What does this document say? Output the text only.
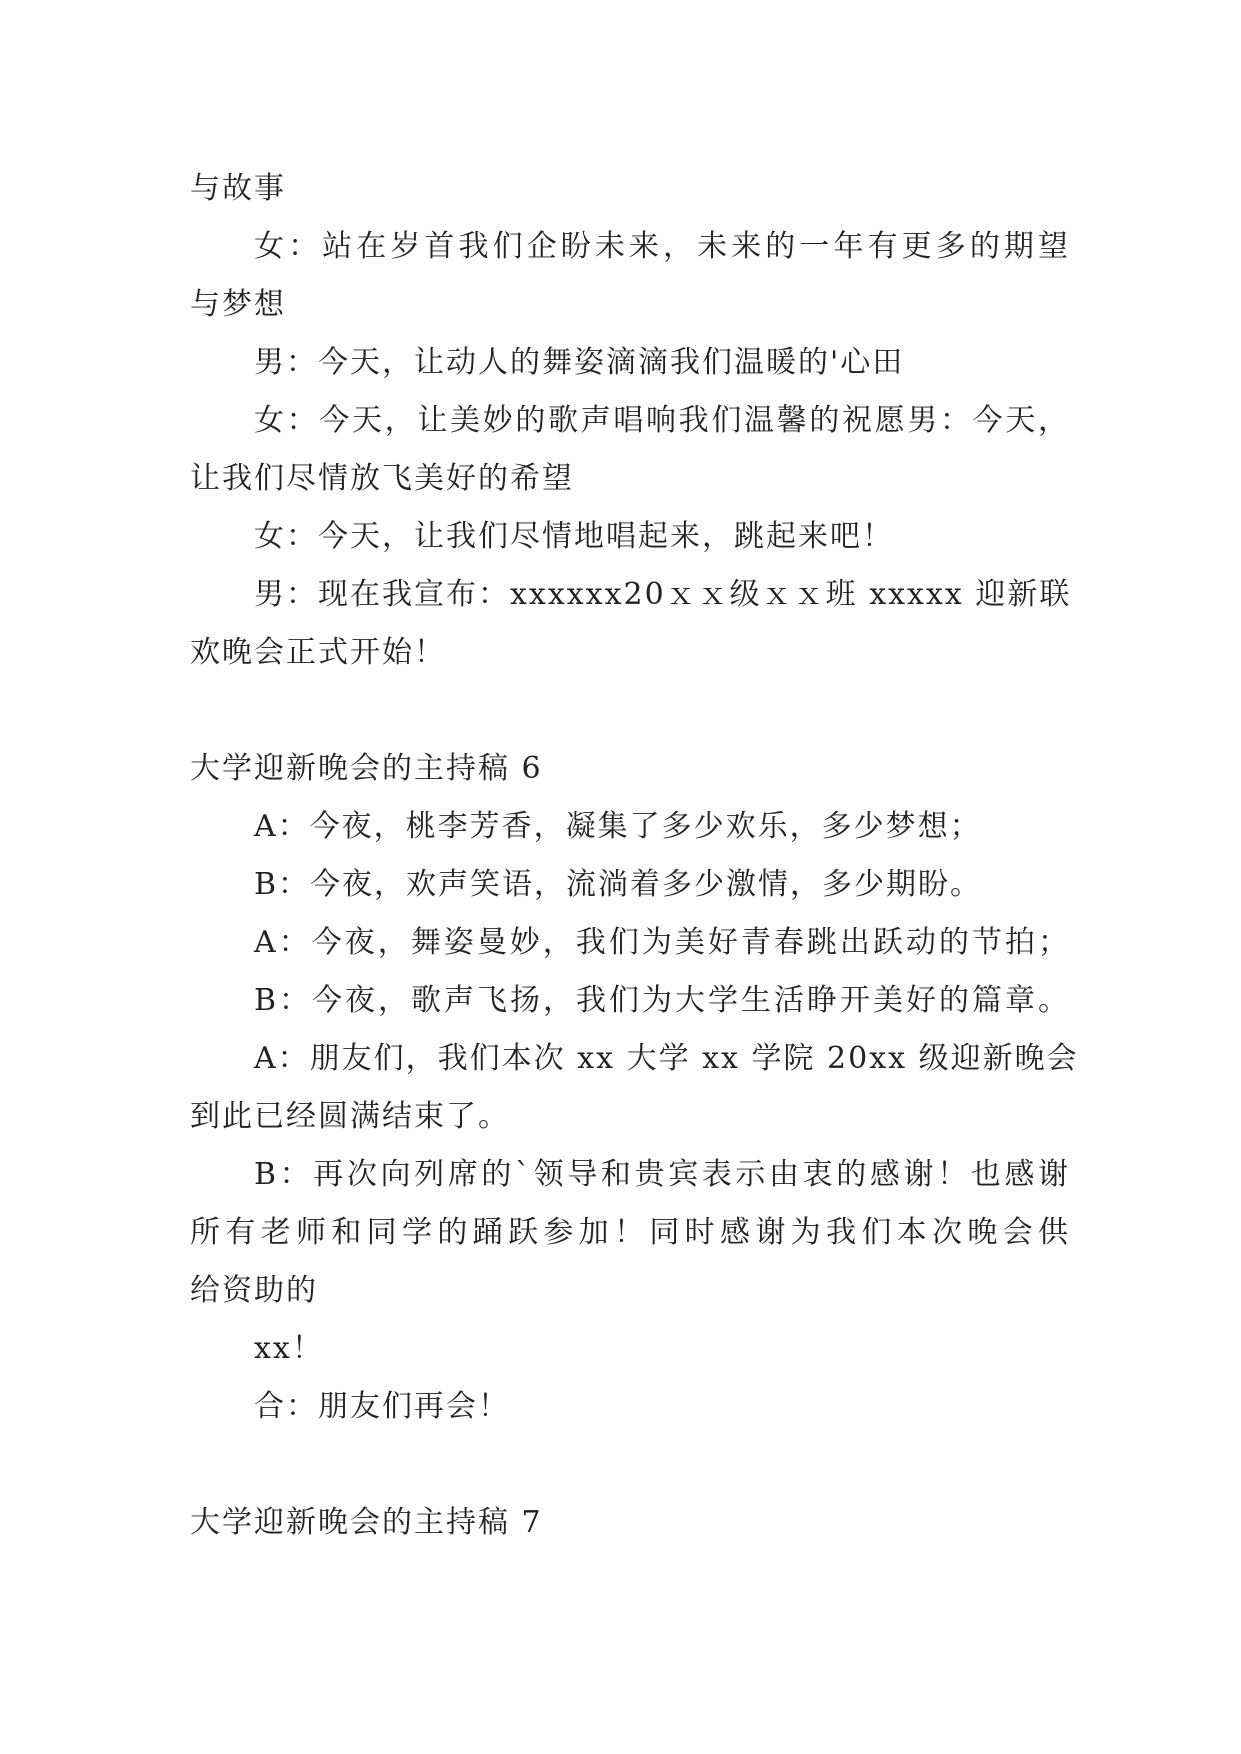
与故事
女：站在岁首我们企盼未来，未来的一年有更多的期望
与梦想
男：今天，让动人的舞姿滴滴我们温暖的'心田
女：今天，让美妙的歌声唱响我们温馨的祝愿男：今天，
让我们尽情放飞美好的希望
女：今天，让我们尽情地唱起来，跳起来吧！
男：现在我宣布：xxxxxx20ｘｘ级ｘｘ班 xxxxx 迎新联
欢晚会正式开始！
大学迎新晚会的主持稿 6
A：今夜，桃李芳香，凝集了多少欢乐，多少梦想；
B：今夜，欢声笑语，流淌着多少激情，多少期盼。
A：今夜，舞姿曼妙，我们为美好青春跳出跃动的节拍；
B：今夜，歌声飞扬，我们为大学生活睁开美好的篇章。
A：朋友们，我们本次 xx 大学 xx 学院 20xx 级迎新晚会
到此已经圆满结束了。
B：再次向列席的`领导和贵宾表示由衷的感谢！也感谢
所有老师和同学的踊跃参加！同时感谢为我们本次晚会供
给资助的
xx！
合：朋友们再会！
大学迎新晚会的主持稿 7
